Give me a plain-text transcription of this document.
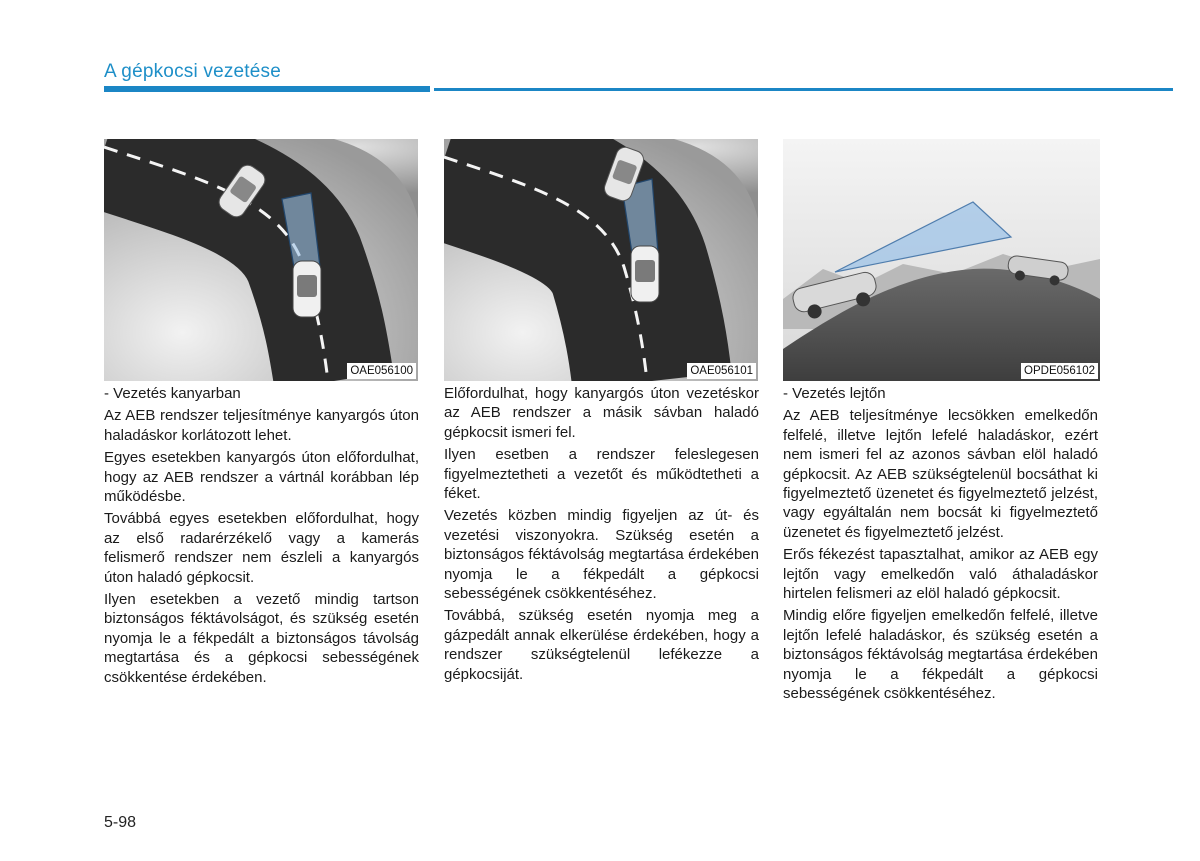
A gépkocsi vezetése
OAE056100	OAE056101	OPDE056102

- Vezetés kanyarban

Az AEB rendszer teljesítménye kanyargós úton haladáskor korlátozott lehet.

Egyes esetekben kanyargós úton előfordulhat, hogy az AEB rendszer a vártnál korábban lép működésbe.

Továbbá egyes esetekben előfordulhat, hogy az első radarérzékelő vagy a kamerás felismerő rendszer nem észleli a kanyargós úton haladó gépkocsit.

Ilyen esetekben a vezető mindig tartson biztonságos féktávolságot, és szükség esetén nyomja le a fékpedált a biztonságos távolság megtartása és a gépkocsi sebességének csökkentése érdekében.

Előfordulhat, hogy kanyargós úton vezetéskor az AEB rendszer a másik sávban haladó gépkocsit ismeri fel.

Ilyen esetben a rendszer feleslegesen figyelmeztetheti a vezetőt és működtetheti a féket.

Vezetés közben mindig figyeljen az út- és vezetési viszonyokra. Szükség esetén a biztonságos féktávolság megtartása érdekében nyomja le a fékpedált a gépkocsi sebességének csökkentéséhez.

Továbbá, szükség esetén nyomja meg a gázpedált annak elkerülése érdekében, hogy a rendszer szükségtelenül lefékezze a gépkocsiját.

- Vezetés lejtőn

Az AEB teljesítménye lecsökken emelkedőn felfelé, illetve lejtőn lefelé haladáskor, ezért nem ismeri fel az azonos sávban elöl haladó gépkocsit. Az AEB szükségtelenül bocsáthat ki figyelmeztető üzenetet és figyelmeztető jelzést, vagy egyáltalán nem bocsát ki figyelmeztető üzenetet és figyelmeztető jelzést.

Erős fékezést tapasztalhat, amikor az AEB egy lejtőn vagy emelkedőn való áthaladáskor hirtelen felismeri az elöl haladó gépkocsit.

Mindig előre figyeljen emelkedőn felfelé, illetve lejtőn lefelé haladáskor, és szükség esetén a biztonságos féktávolság megtartása érdekében nyomja le a fékpedált a gépkocsi sebességének csökkentéséhez.

5-98
